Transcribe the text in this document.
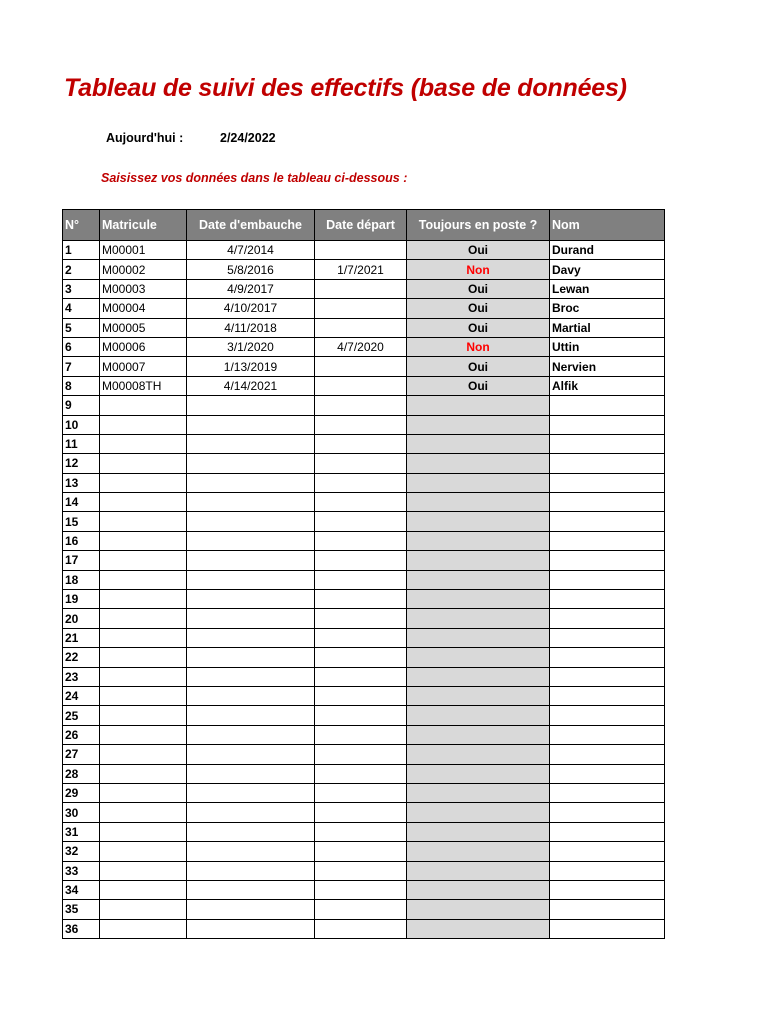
Tableau de suivi des effectifs (base de données)
Aujourd'hui :	2/24/2022
Saisissez vos données dans le tableau ci-dessous :
N°	Matricule	Date d'embauche	Date départ	Toujours en poste ?	Nom
1	M00001	4/7/2014		Oui	Durand
2	M00002	5/8/2016	1/7/2021	Non	Davy
3	M00003	4/9/2017		Oui	Lewan
4	M00004	4/10/2017		Oui	Broc
5	M00005	4/11/2018		Oui	Martial
6	M00006	3/1/2020	4/7/2020	Non	Uttin
7	M00007	1/13/2019		Oui	Nervien
8	M00008TH	4/14/2021		Oui	Alfik
9					
10					
11					
12					
13					
14					
15					
16					
17					
18					
19					
20					
21					
22					
23					
24					
25					
26					
27					
28					
29					
30					
31					
32					
33					
34					
35					
36					
